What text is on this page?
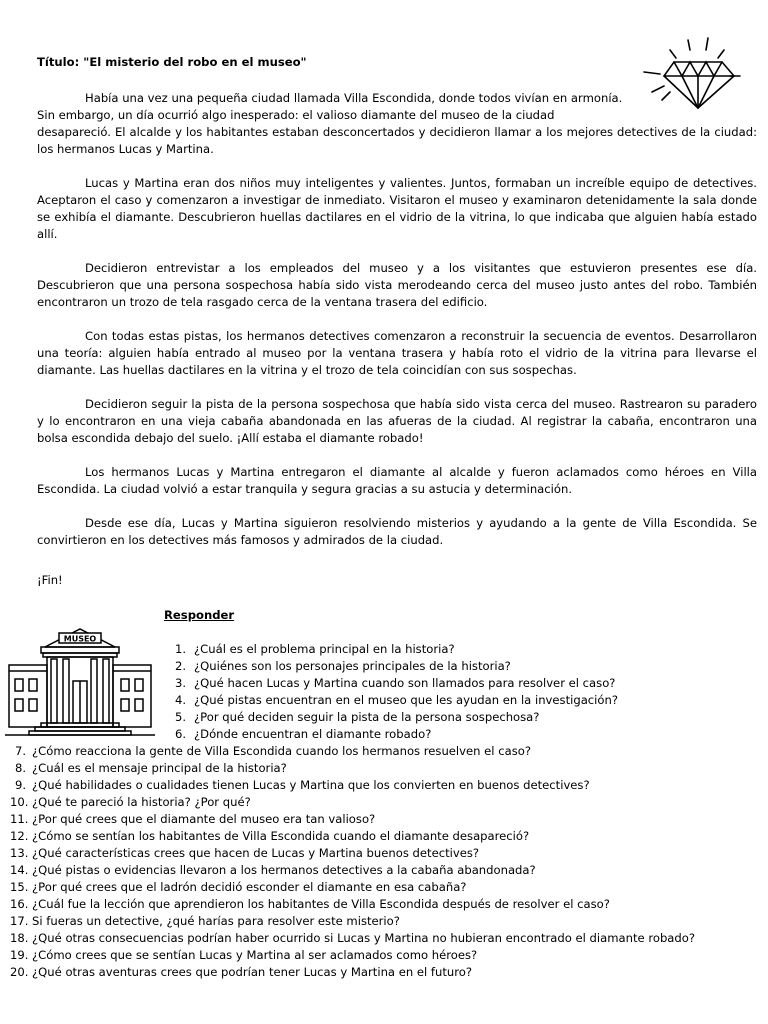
Título: "El misterio del robo en el museo"

Había una vez una pequeña ciudad llamada Villa Escondida, donde todos vivían en armonía.
Sin embargo, un día ocurrió algo inesperado: el valioso diamante del museo de la ciudad
desapareció. El alcalde y los habitantes estaban desconcertados y decidieron llamar a los mejores detectives de la ciudad: los hermanos Lucas y Martina.

Lucas y Martina eran dos niños muy inteligentes y valientes. Juntos, formaban un increíble equipo de detectives. Aceptaron el caso y comenzaron a investigar de inmediato. Visitaron el museo y examinaron detenidamente la sala donde se exhibía el diamante. Descubrieron huellas dactilares en el vidrio de la vitrina, lo que indicaba que alguien había estado allí.

Decidieron entrevistar a los empleados del museo y a los visitantes que estuvieron presentes ese día. Descubrieron que una persona sospechosa había sido vista merodeando cerca del museo justo antes del robo. También encontraron un trozo de tela rasgado cerca de la ventana trasera del edificio.

Con todas estas pistas, los hermanos detectives comenzaron a reconstruir la secuencia de eventos. Desarrollaron una teoría: alguien había entrado al museo por la ventana trasera y había roto el vidrio de la vitrina para llevarse el diamante. Las huellas dactilares en la vitrina y el trozo de tela coincidían con sus sospechas.

Decidieron seguir la pista de la persona sospechosa que había sido vista cerca del museo. Rastrearon su paradero y lo encontraron en una vieja cabaña abandonada en las afueras de la ciudad. Al registrar la cabaña, encontraron una bolsa escondida debajo del suelo. ¡Allí estaba el diamante robado!

Los hermanos Lucas y Martina entregaron el diamante al alcalde y fueron aclamados como héroes en Villa Escondida. La ciudad volvió a estar tranquila y segura gracias a su astucia y determinación.

Desde ese día, Lucas y Martina siguieron resolviendo misterios y ayudando a la gente de Villa Escondida. Se convirtieron en los detectives más famosos y admirados de la ciudad.

¡Fin!
Responder
MUSEO
1. ¿Cuál es el problema principal en la historia?
2. ¿Quiénes son los personajes principales de la historia?
3. ¿Qué hacen Lucas y Martina cuando son llamados para resolver el caso?
4. ¿Qué pistas encuentran en el museo que les ayudan en la investigación?
5. ¿Por qué deciden seguir la pista de la persona sospechosa?
6. ¿Dónde encuentran el diamante robado?
7. ¿Cómo reacciona la gente de Villa Escondida cuando los hermanos resuelven el caso?
8. ¿Cuál es el mensaje principal de la historia?
9. ¿Qué habilidades o cualidades tienen Lucas y Martina que los convierten en buenos detectives?
10. ¿Qué te pareció la historia? ¿Por qué?
11. ¿Por qué crees que el diamante del museo era tan valioso?
12. ¿Cómo se sentían los habitantes de Villa Escondida cuando el diamante desapareció?
13. ¿Qué características crees que hacen de Lucas y Martina buenos detectives?
14. ¿Qué pistas o evidencias llevaron a los hermanos detectives a la cabaña abandonada?
15. ¿Por qué crees que el ladrón decidió esconder el diamante en esa cabaña?
16. ¿Cuál fue la lección que aprendieron los habitantes de Villa Escondida después de resolver el caso?
17. Si fueras un detective, ¿qué harías para resolver este misterio?
18. ¿Qué otras consecuencias podrían haber ocurrido si Lucas y Martina no hubieran encontrado el diamante robado?
19. ¿Cómo crees que se sentían Lucas y Martina al ser aclamados como héroes?
20. ¿Qué otras aventuras crees que podrían tener Lucas y Martina en el futuro?
